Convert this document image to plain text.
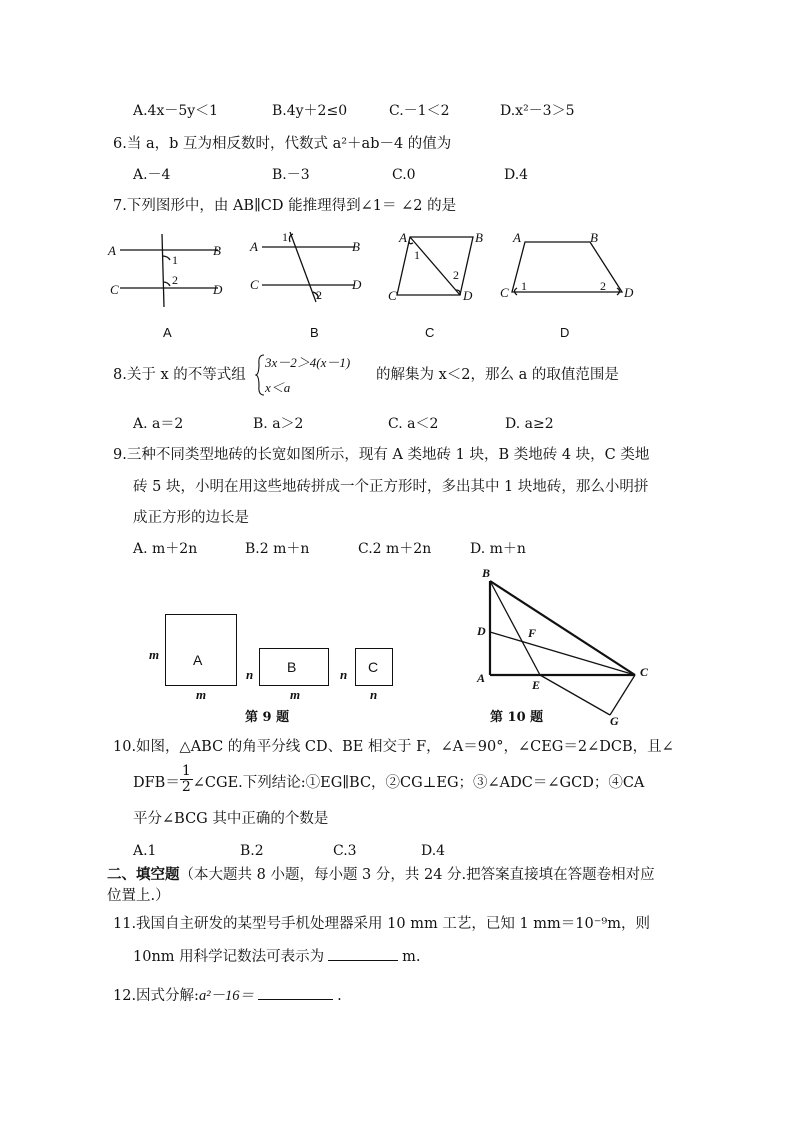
A.4x－5y＜1	B.4y＋2≤0	C.－1＜2	D.x²－3＞5
6.当 a，b 互为相反数时，代数式 a²＋ab－4 的值为
A.－4	B.－3	C.0	D.4
7.下列图形中，由 AB∥CD 能推理得到∠1＝ ∠2 的是
A	B
C	D
1
2
A	B
C	D
1
2
A	B
C	D
1
2
A	B
C	D
1	2
A	B	C	D
8.关于 x 的不等式组
3x－2＞4(x－1)
x＜a
的解集为 x＜2，那么 a 的取值范围是
A. a＝2	B. a＞2	C. a＜2	D. a≥2
9.三种不同类型地砖的长宽如图所示，现有 A 类地砖 1 块，B 类地砖 4 块，C 类地
砖 5 块，小明在用这些地砖拼成一个正方形时，多出其中 1 块地砖，那么小明拼
成正方形的边长是
A. m＋2n	B.2 m＋n	C.2 m＋2n	D. m＋n
A
m
m
B
n
m
C
n
n
第 9 题
B
D	F
C
A	E
G
第 10 题
10.如图，△ABC 的角平分线 CD、BE 相交于 F，∠A＝90°，∠CEG＝2∠DCB，且∠
$DFB= \frac{1}{2}$ ∠CGE.下列结论:①EG∥BC，②CG⊥EG；③∠ADC＝∠GCD；④CA
平分∠BCG 其中正确的个数是
A.1	B.2	C.3	D.4
二、填空题（本大题共 8 小题，每小题 3 分，共 24 分.把答案直接填在答题卷相对应
位置上.）
11.我国自主研发的某型号手机处理器采用 10 mm 工艺，已知 1 mm＝10⁻⁹m，则
10nm 用科学记数法可表示为	m.
12.因式分解:a²－16＝	.
